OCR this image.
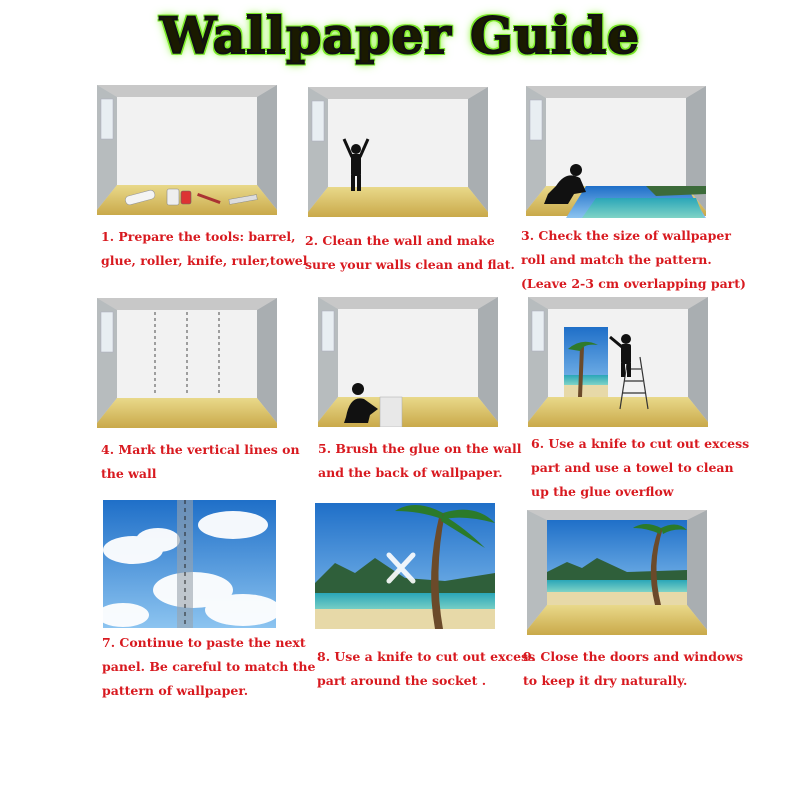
Wallpaper Guide
1. Prepare the tools: barrel,
glue, roller, knife, ruler,towel
2. Clean the wall and make
sure your walls clean and flat.
3. Check the size of wallpaper
roll and match the pattern.
(Leave 2-3 cm overlapping part)
4. Mark the vertical lines on
the wall
5. Brush the glue on the wall
and the back of wallpaper.
6. Use a knife to cut out excess
part and use a towel to clean
up the glue overflow
7. Continue to paste the next
panel. Be careful to match the
pattern of wallpaper.
8. Use a knife to cut out excess
part around the socket .
9. Close the doors and windows
to keep it dry naturally.
